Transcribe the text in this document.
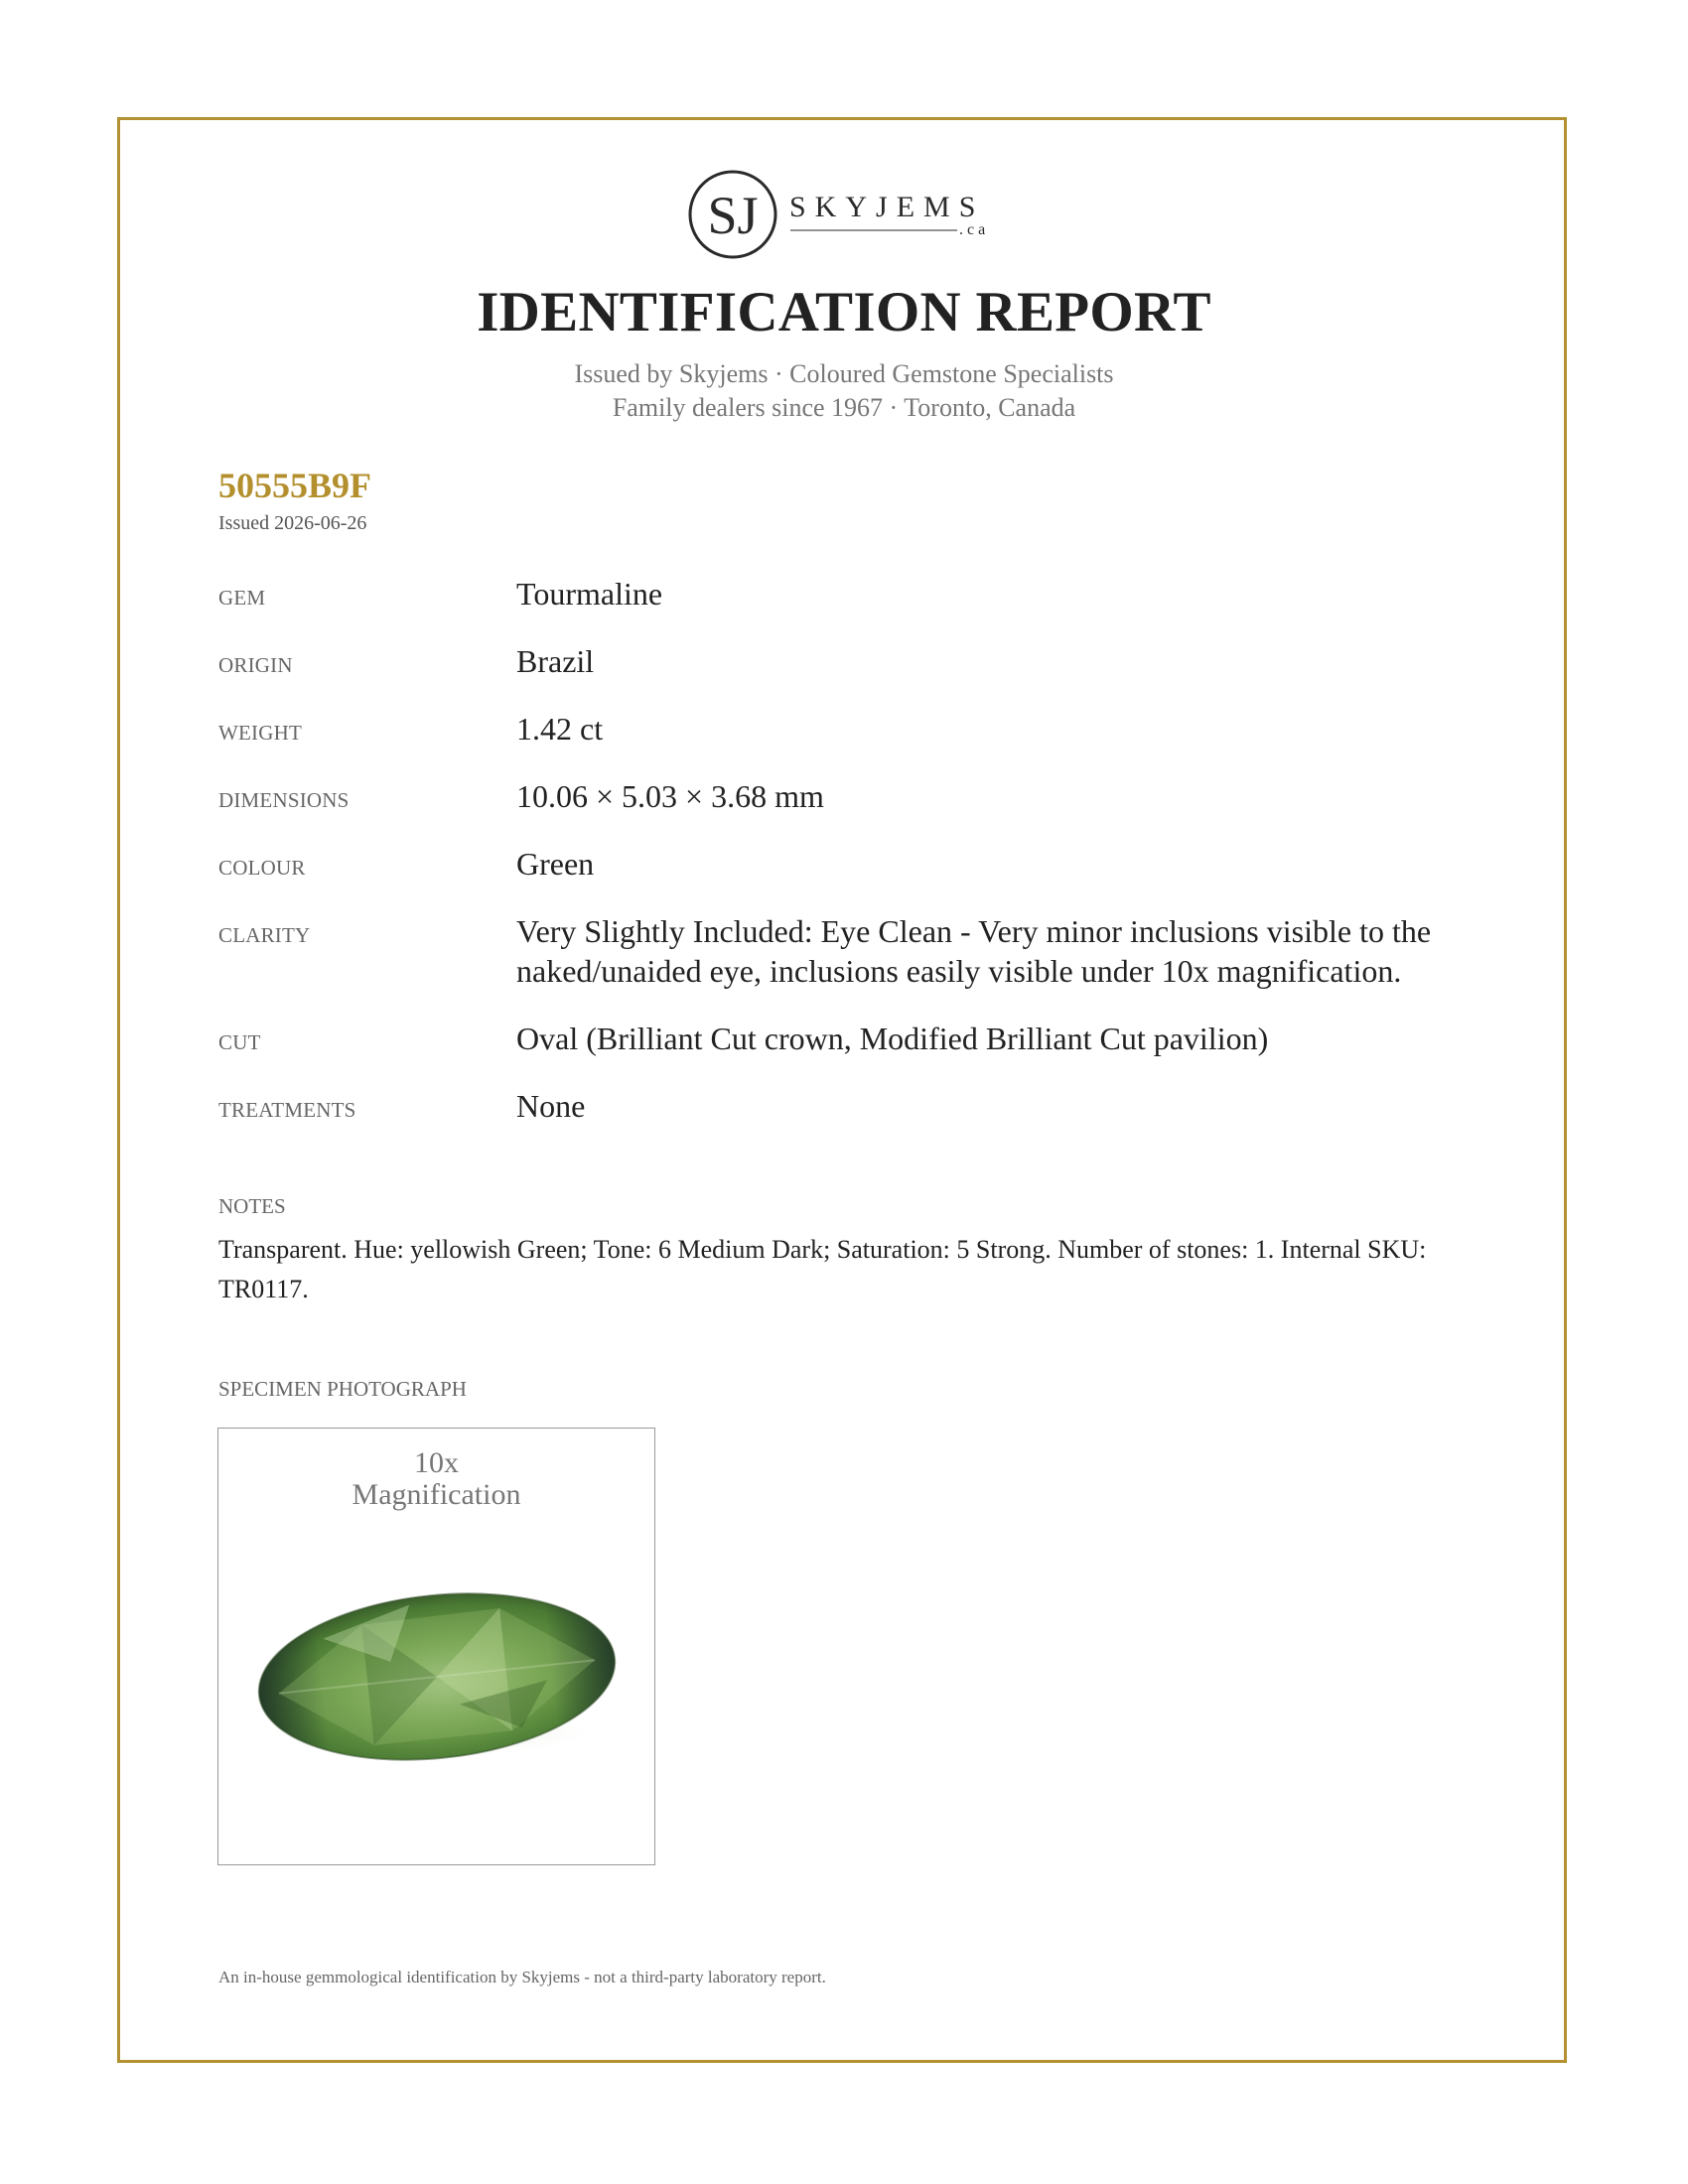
SJ SKYJEMS
.ca
IDENTIFICATION REPORT
Issued by Skyjems · Coloured Gemstone Specialists
Family dealers since 1967 · Toronto, Canada
50555B9F
Issued 2026-06-26
GEM	Tourmaline
ORIGIN	Brazil
WEIGHT	1.42 ct
DIMENSIONS	10.06 × 5.03 × 3.68 mm
COLOUR	Green
CLARITY	Very Slightly Included: Eye Clean - Very minor inclusions visible to the naked/unaided eye, inclusions easily visible under 10x magnification.
CUT	Oval (Brilliant Cut crown, Modified Brilliant Cut pavilion)
TREATMENTS	None
NOTES
Transparent. Hue: yellowish Green; Tone: 6 Medium Dark; Saturation: 5 Strong. Number of stones: 1. Internal SKU: TR0117.
SPECIMEN PHOTOGRAPH
10x
Magnification
An in-house gemmological identification by Skyjems - not a third-party laboratory report.
